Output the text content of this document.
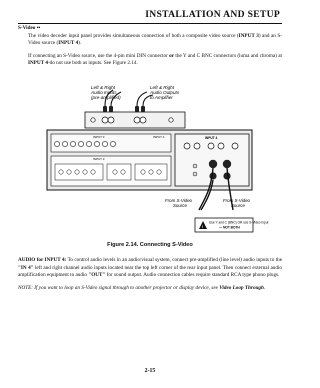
INSTALLATION AND SETUP

S-Video ▪▪

The video decoder input panel provides simultaneous connection of both a composite video source (INPUT 3) and an S-Video source (INPUT 4).

If connecting an S-Video source, use the 4-pin mini DIN connector or the Y and C BNC connectors (luma and chroma) at INPUT 4-do not use both as inputs. See Figure 2.14.

Left & Right Audio Inputs (pre-amplified)
Left & Right Audio Outputs to Amplifier
INPUT 3	INPUT 4	INPUT 4
INPUT 3
From S-Video Source
From S-Video Source
!
Use Y and C (BNC) OR use S-Video input — NOT BOTH
Figure 2.14. Connecting S-Video

AUDIO for INPUT 4: To control audio levels in an audio/visual system, connect pre-amplified (line level) audio inputs to the "IN 4" left and right channel audio inputs located near the top left corner of the rear input panel. Then connect external audio amplification equipment to audio "OUT" for sound output. Audio connection cables require standard RCA type phono plugs.

NOTE: If you want to loop an S-Video signal through to another projector or display device, see Video Loop Through.

2-15
